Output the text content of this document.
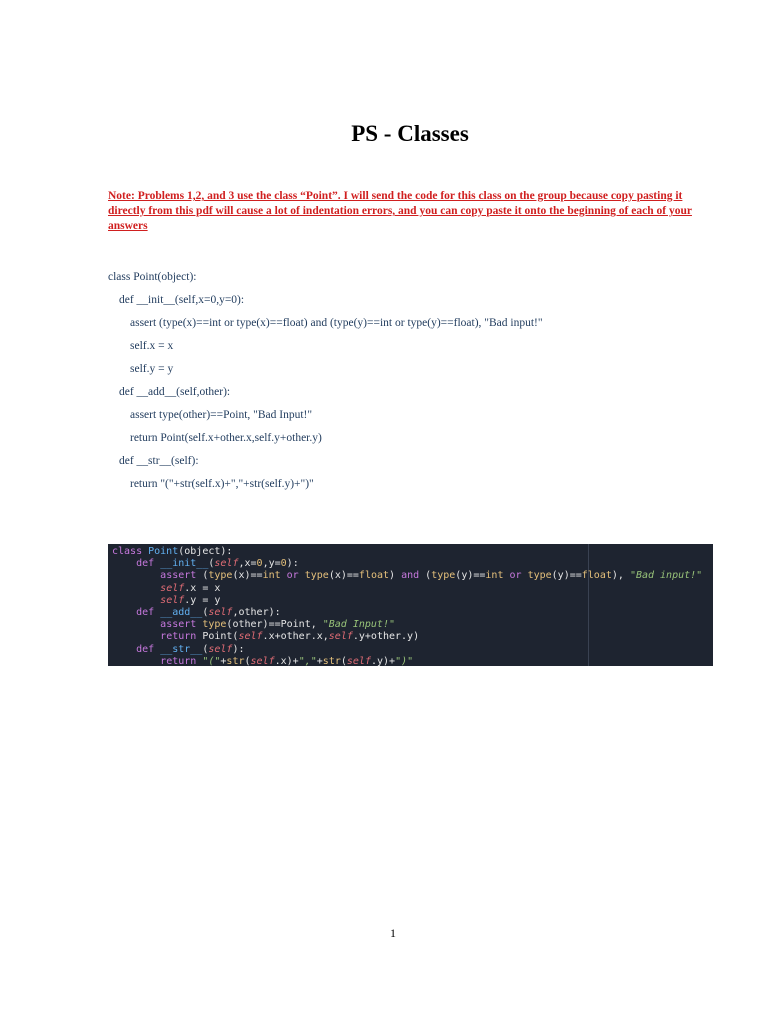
PS - Classes
Note: Problems 1,2, and 3 use the class “Point”. I will send the code for this class on the group because copy pasting it directly from this pdf will cause a lot of indentation errors, and you can copy paste it onto the beginning of each of your answers
class Point(object):
def __init__(self,x=0,y=0):
assert (type(x)==int or type(x)==float) and (type(y)==int or type(y)==float), "Bad input!"
self.x = x
self.y = y
def __add__(self,other):
assert type(other)==Point, "Bad Input!"
return Point(self.x+other.x,self.y+other.y)
def __str__(self):
return "("+str(self.x)+","+str(self.y)+")"
class Point(object):
def __init__(self,x=0,y=0):
assert (type(x)==int or type(x)==float) and (type(y)==int or type(y)==float), "Bad input!"
self.x = x
self.y = y
def __add__(self,other):
assert type(other)==Point, "Bad Input!"
return Point(self.x+other.x,self.y+other.y)
def __str__(self):
return "("+str(self.x)+","+str(self.y)+")"
1
